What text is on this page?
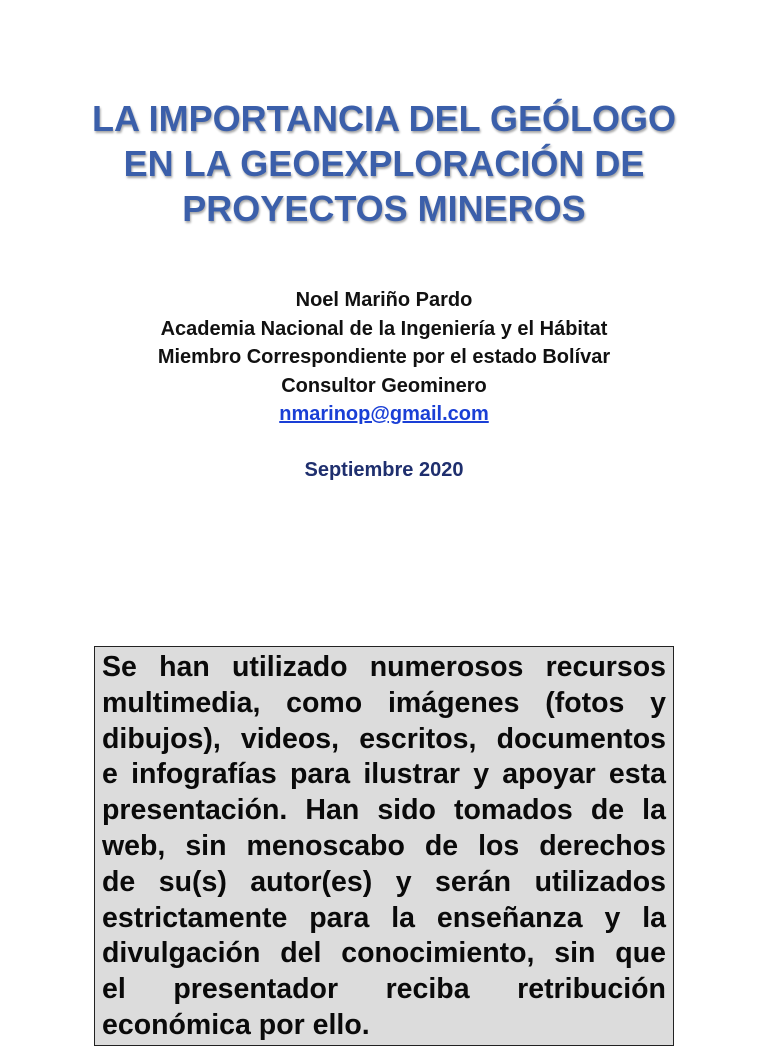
LA IMPORTANCIA DEL GEÓLOGO
EN LA GEOEXPLORACIÓN DE
PROYECTOS MINEROS
Noel Mariño Pardo
Academia Nacional de la Ingeniería y el Hábitat
Miembro Correspondiente por el estado Bolívar
Consultor Geominero
nmarinop@gmail.com
Septiembre 2020

Se han utilizado numerosos recursos
multimedia, como imágenes (fotos y
dibujos), videos, escritos, documentos
e infografías para ilustrar y apoyar esta
presentación. Han sido tomados de la
web, sin menoscabo de los derechos
de su(s) autor(es) y serán utilizados
estrictamente para la enseñanza y la
divulgación del conocimiento, sin que
el presentador reciba retribución
económica por ello.
